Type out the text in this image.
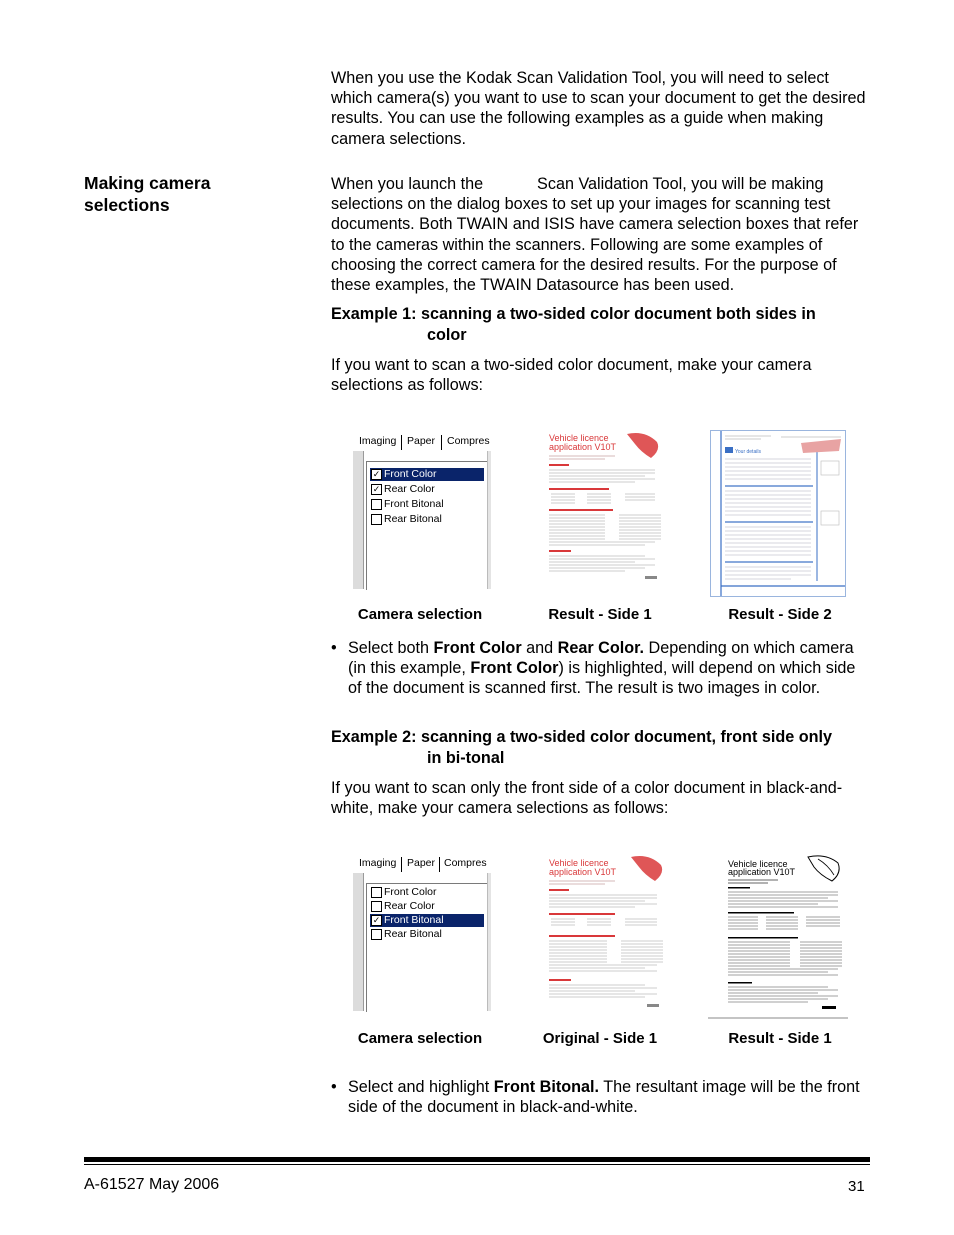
When you use the Kodak Scan Validation Tool, you will need to select which camera(s) you want to use to scan your document to get the desired results. You can use the following examples as a guide when making camera selections.
Making camera
selections
When you launch the            Scan Validation Tool, you will be making selections on the dialog boxes to set up your images for scanning test documents. Both TWAIN and ISIS have camera selection boxes that refer to the cameras within the scanners. Following are some examples of choosing the correct camera for the desired results. For the purpose of these examples, the TWAIN Datasource has been used.
Example 1: scanning a two-sided color document both sides in
color
If you want to scan a two-sided color document, make your camera selections as follows:
Imaging Paper Compres
✓ Front Color
✓ Rear Color
Front Bitonal
Rear Bitonal
Vehicle licence
application V10T	Your details
Camera selection	Result - Side 1	Result - Side 2
• Select both Front Color and Rear Color. Depending on which camera (in this example, Front Color) is highlighted, will depend on which side of the document is scanned first. The result is two images in color.
Example 2: scanning a two-sided color document, front side only
in bi-tonal
If you want to scan only the front side of a color document in black-and-white, make your camera selections as follows:
Imaging Paper Compres
Front Color
Rear Color
✓ Front Bitonal
Rear Bitonal
Vehicle licence
application V10T
Vehicle licence
application V10T
Camera selection	Original - Side 1	Result - Side 1
• Select and highlight Front Bitonal. The resultant image will be the front side of the document in black-and-white.
A-61527 May 2006	31
